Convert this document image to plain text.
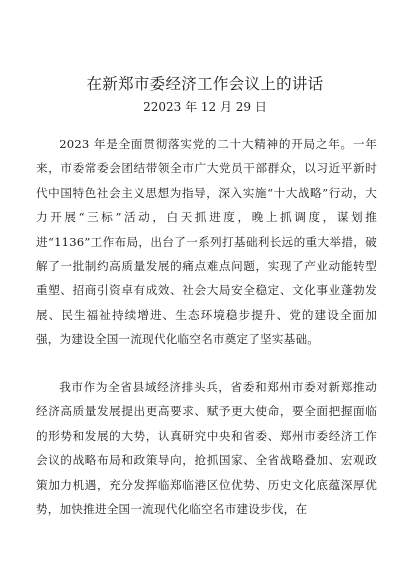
在新郑市委经济工作会议上的讲话
22023 年 12 月 29 日

2023 年是全面贯彻落实党的二十大精神的开局之年。一年来，市委常委会团结带领全市广大党员干部群众，以习近平新时代中国特色社会主义思想为指导，深入实施“十大战略”行动，大力开展“三标”活动，白天抓进度，晚上抓调度，谋划推进“1136”工作布局，出台了一系列打基础利长远的重大举措，破解了一批制约高质量发展的痛点难点问题，实现了产业动能转型重塑、招商引资卓有成效、社会大局安全稳定、文化事业蓬勃发展、民生福祉持续增进、生态环境稳步提升、党的建设全面加强，为建设全国一流现代化临空名市奠定了坚实基础。

我市作为全省县域经济排头兵，省委和郑州市委对新郑推动经济高质量发展提出更高要求、赋予更大使命，要全面把握面临的形势和发展的大势，认真研究中央和省委、郑州市委经济工作会议的战略布局和政策导向，抢抓国家、全省战略叠加、宏观政策加力机遇，充分发挥临郑临港区位优势、历史文化底蕴深厚优势，加快推进全国一流现代化临空名市建设步伐，在
